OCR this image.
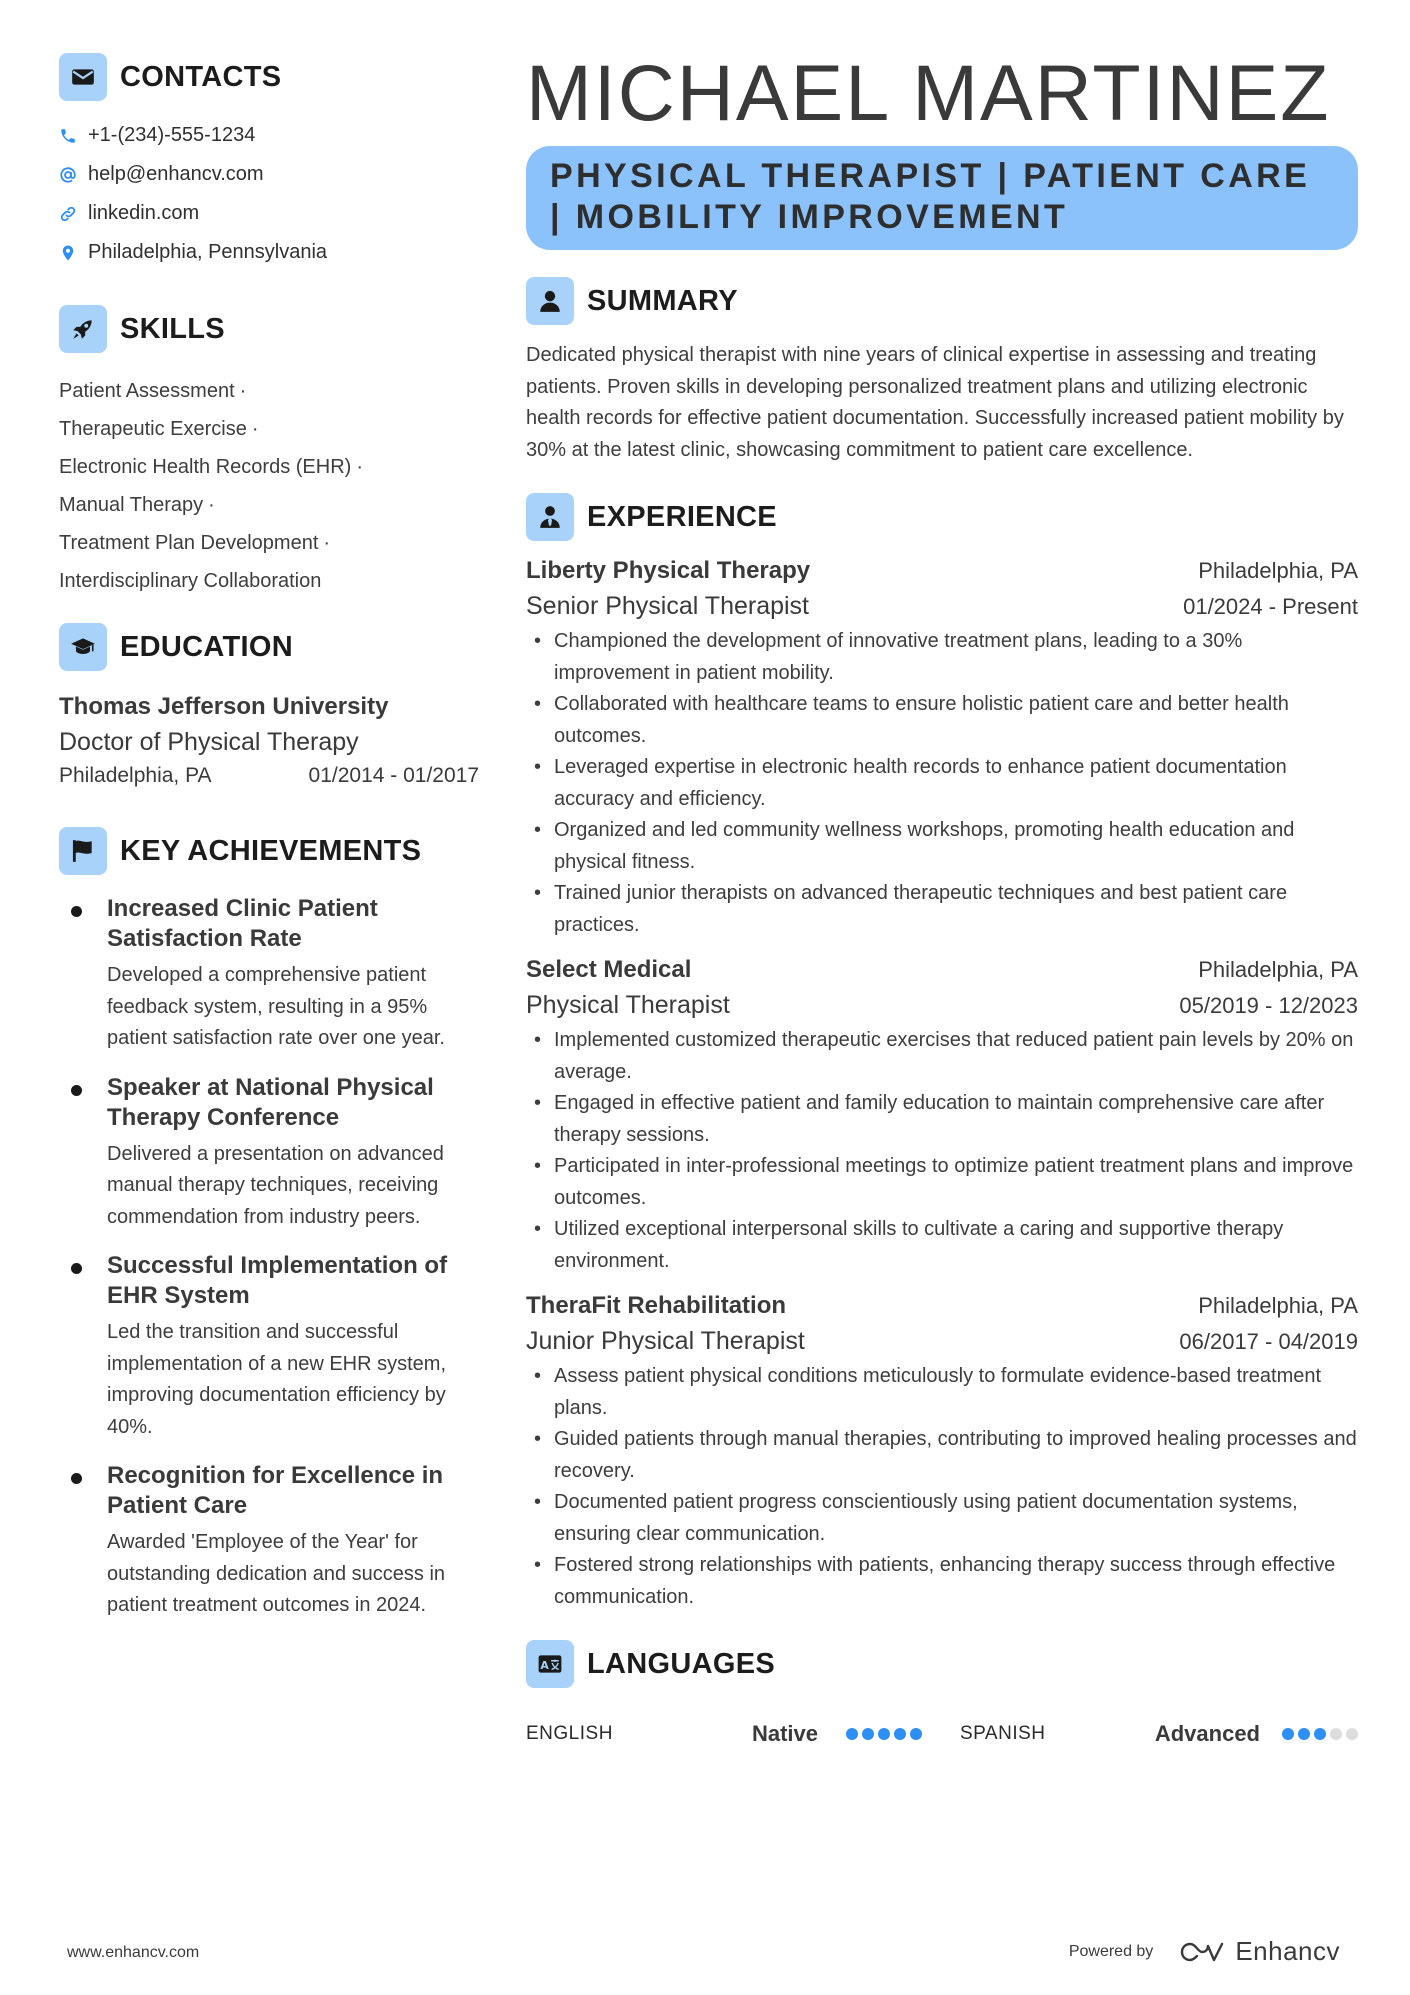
CONTACTS
+1-(234)-555-1234
help@enhancv.com
linkedin.com
Philadelphia, Pennsylvania
SKILLS
Patient Assessment ·
Therapeutic Exercise ·
Electronic Health Records (EHR) ·
Manual Therapy ·
Treatment Plan Development ·
Interdisciplinary Collaboration
EDUCATION
Thomas Jefferson University
Doctor of Physical Therapy
Philadelphia, PA	01/2014 - 01/2017
KEY ACHIEVEMENTS
Increased Clinic Patient Satisfaction Rate
Developed a comprehensive patient feedback system, resulting in a 95% patient satisfaction rate over one year.
Speaker at National Physical Therapy Conference
Delivered a presentation on advanced manual therapy techniques, receiving commendation from industry peers.
Successful Implementation of EHR System
Led the transition and successful implementation of a new EHR system, improving documentation efficiency by 40%.
Recognition for Excellence in Patient Care
Awarded 'Employee of the Year' for outstanding dedication and success in patient treatment outcomes in 2024.
MICHAEL MARTINEZ
PHYSICAL THERAPIST | PATIENT CARE | MOBILITY IMPROVEMENT
SUMMARY
Dedicated physical therapist with nine years of clinical expertise in assessing and treating patients. Proven skills in developing personalized treatment plans and utilizing electronic health records for effective patient documentation. Successfully increased patient mobility by 30% at the latest clinic, showcasing commitment to patient care excellence.
EXPERIENCE
Liberty Physical Therapy	Philadelphia, PA
Senior Physical Therapist	01/2024 - Present
• Championed the development of innovative treatment plans, leading to a 30% improvement in patient mobility.
• Collaborated with healthcare teams to ensure holistic patient care and better health outcomes.
• Leveraged expertise in electronic health records to enhance patient documentation accuracy and efficiency.
• Organized and led community wellness workshops, promoting health education and physical fitness.
• Trained junior therapists on advanced therapeutic techniques and best patient care practices.
Select Medical	Philadelphia, PA
Physical Therapist	05/2019 - 12/2023
• Implemented customized therapeutic exercises that reduced patient pain levels by 20% on average.
• Engaged in effective patient and family education to maintain comprehensive care after therapy sessions.
• Participated in inter-professional meetings to optimize patient treatment plans and improve outcomes.
• Utilized exceptional interpersonal skills to cultivate a caring and supportive therapy environment.
TheraFit Rehabilitation	Philadelphia, PA
Junior Physical Therapist	06/2017 - 04/2019
• Assess patient physical conditions meticulously to formulate evidence-based treatment plans.
• Guided patients through manual therapies, contributing to improved healing processes and recovery.
• Documented patient progress conscientiously using patient documentation systems, ensuring clear communication.
• Fostered strong relationships with patients, enhancing therapy success through effective communication.
A LANGUAGES
ENGLISH	Native	SPANISH	Advanced
www.enhancv.com	Powered by	Enhancv
